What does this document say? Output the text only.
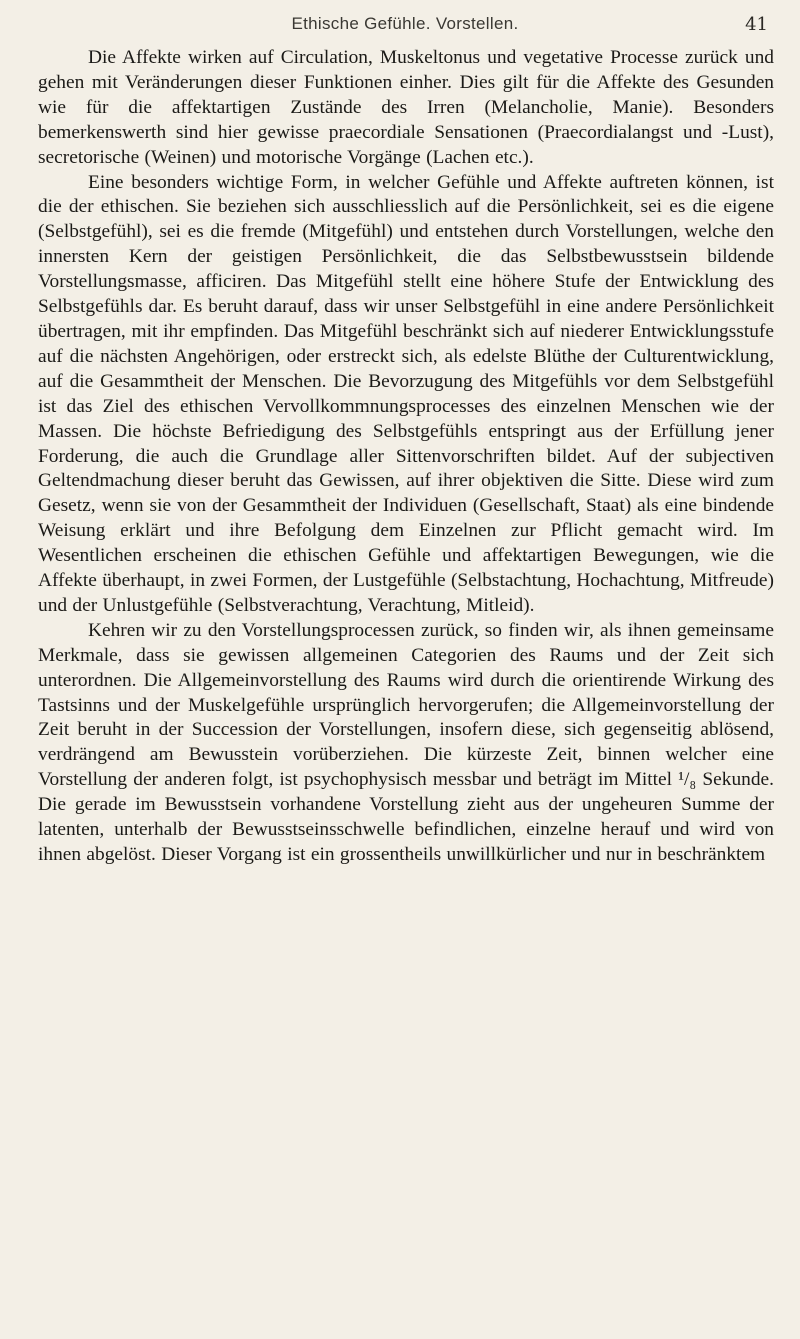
Ethische Gefühle. Vorstellen.	41

Die Affekte wirken auf Circulation, Muskeltonus und vegetative Processe zurück und gehen mit Veränderungen dieser Funktionen einher. Dies gilt für die Affekte des Gesunden wie für die affektartigen Zustände des Irren (Melancholie, Manie). Besonders bemerkenswerth sind hier gewisse praecordiale Sensationen (Praecordialangst und -Lust), secretorische (Weinen) und motorische Vorgänge (Lachen etc.).

Eine besonders wichtige Form, in welcher Gefühle und Affekte auftreten können, ist die der ethischen. Sie beziehen sich ausschliesslich auf die Persönlichkeit, sei es die eigene (Selbstgefühl), sei es die fremde (Mitgefühl) und entstehen durch Vorstellungen, welche den innersten Kern der geistigen Persönlichkeit, die das Selbstbewusstsein bildende Vorstellungsmasse, afficiren. Das Mitgefühl stellt eine höhere Stufe der Entwicklung des Selbstgefühls dar. Es beruht darauf, dass wir unser Selbstgefühl in eine andere Persönlichkeit übertragen, mit ihr empfinden. Das Mitgefühl beschränkt sich auf niederer Entwicklungsstufe auf die nächsten Angehörigen, oder erstreckt sich, als edelste Blüthe der Culturentwicklung, auf die Gesammtheit der Menschen. Die Bevorzugung des Mitgefühls vor dem Selbstgefühl ist das Ziel des ethischen Vervollkommnungsprocesses des einzelnen Menschen wie der Massen. Die höchste Befriedigung des Selbstgefühls entspringt aus der Erfüllung jener Forderung, die auch die Grundlage aller Sittenvorschriften bildet. Auf der subjectiven Geltendmachung dieser beruht das Gewissen, auf ihrer objektiven die Sitte. Diese wird zum Gesetz, wenn sie von der Gesammtheit der Individuen (Gesellschaft, Staat) als eine bindende Weisung erklärt und ihre Befolgung dem Einzelnen zur Pflicht gemacht wird. Im Wesentlichen erscheinen die ethischen Gefühle und affektartigen Bewegungen, wie die Affekte überhaupt, in zwei Formen, der Lustgefühle (Selbstachtung, Hochachtung, Mitfreude) und der Unlustgefühle (Selbstverachtung, Verachtung, Mitleid).

Kehren wir zu den Vorstellungsprocessen zurück, so finden wir, als ihnen gemeinsame Merkmale, dass sie gewissen allgemeinen Categorien des Raums und der Zeit sich unterordnen. Die Allgemeinvorstellung des Raums wird durch die orientirende Wirkung des Tastsinns und der Muskelgefühle ursprünglich hervorgerufen; die Allgemeinvorstellung der Zeit beruht in der Succession der Vorstellungen, insofern diese, sich gegenseitig ablösend, verdrängend am Bewusstein vorüberziehen. Die kürzeste Zeit, binnen welcher eine Vorstellung der anderen folgt, ist psychophysisch messbar und beträgt im Mittel ¹/₈ Sekunde. Die gerade im Bewusstsein vorhandene Vorstellung zieht aus der ungeheuren Summe der latenten, unterhalb der Bewusstseinsschwelle befindlichen, einzelne herauf und wird von ihnen abgelöst. Dieser Vorgang ist ein grossentheils unwillkürlicher und nur in beschränktem
